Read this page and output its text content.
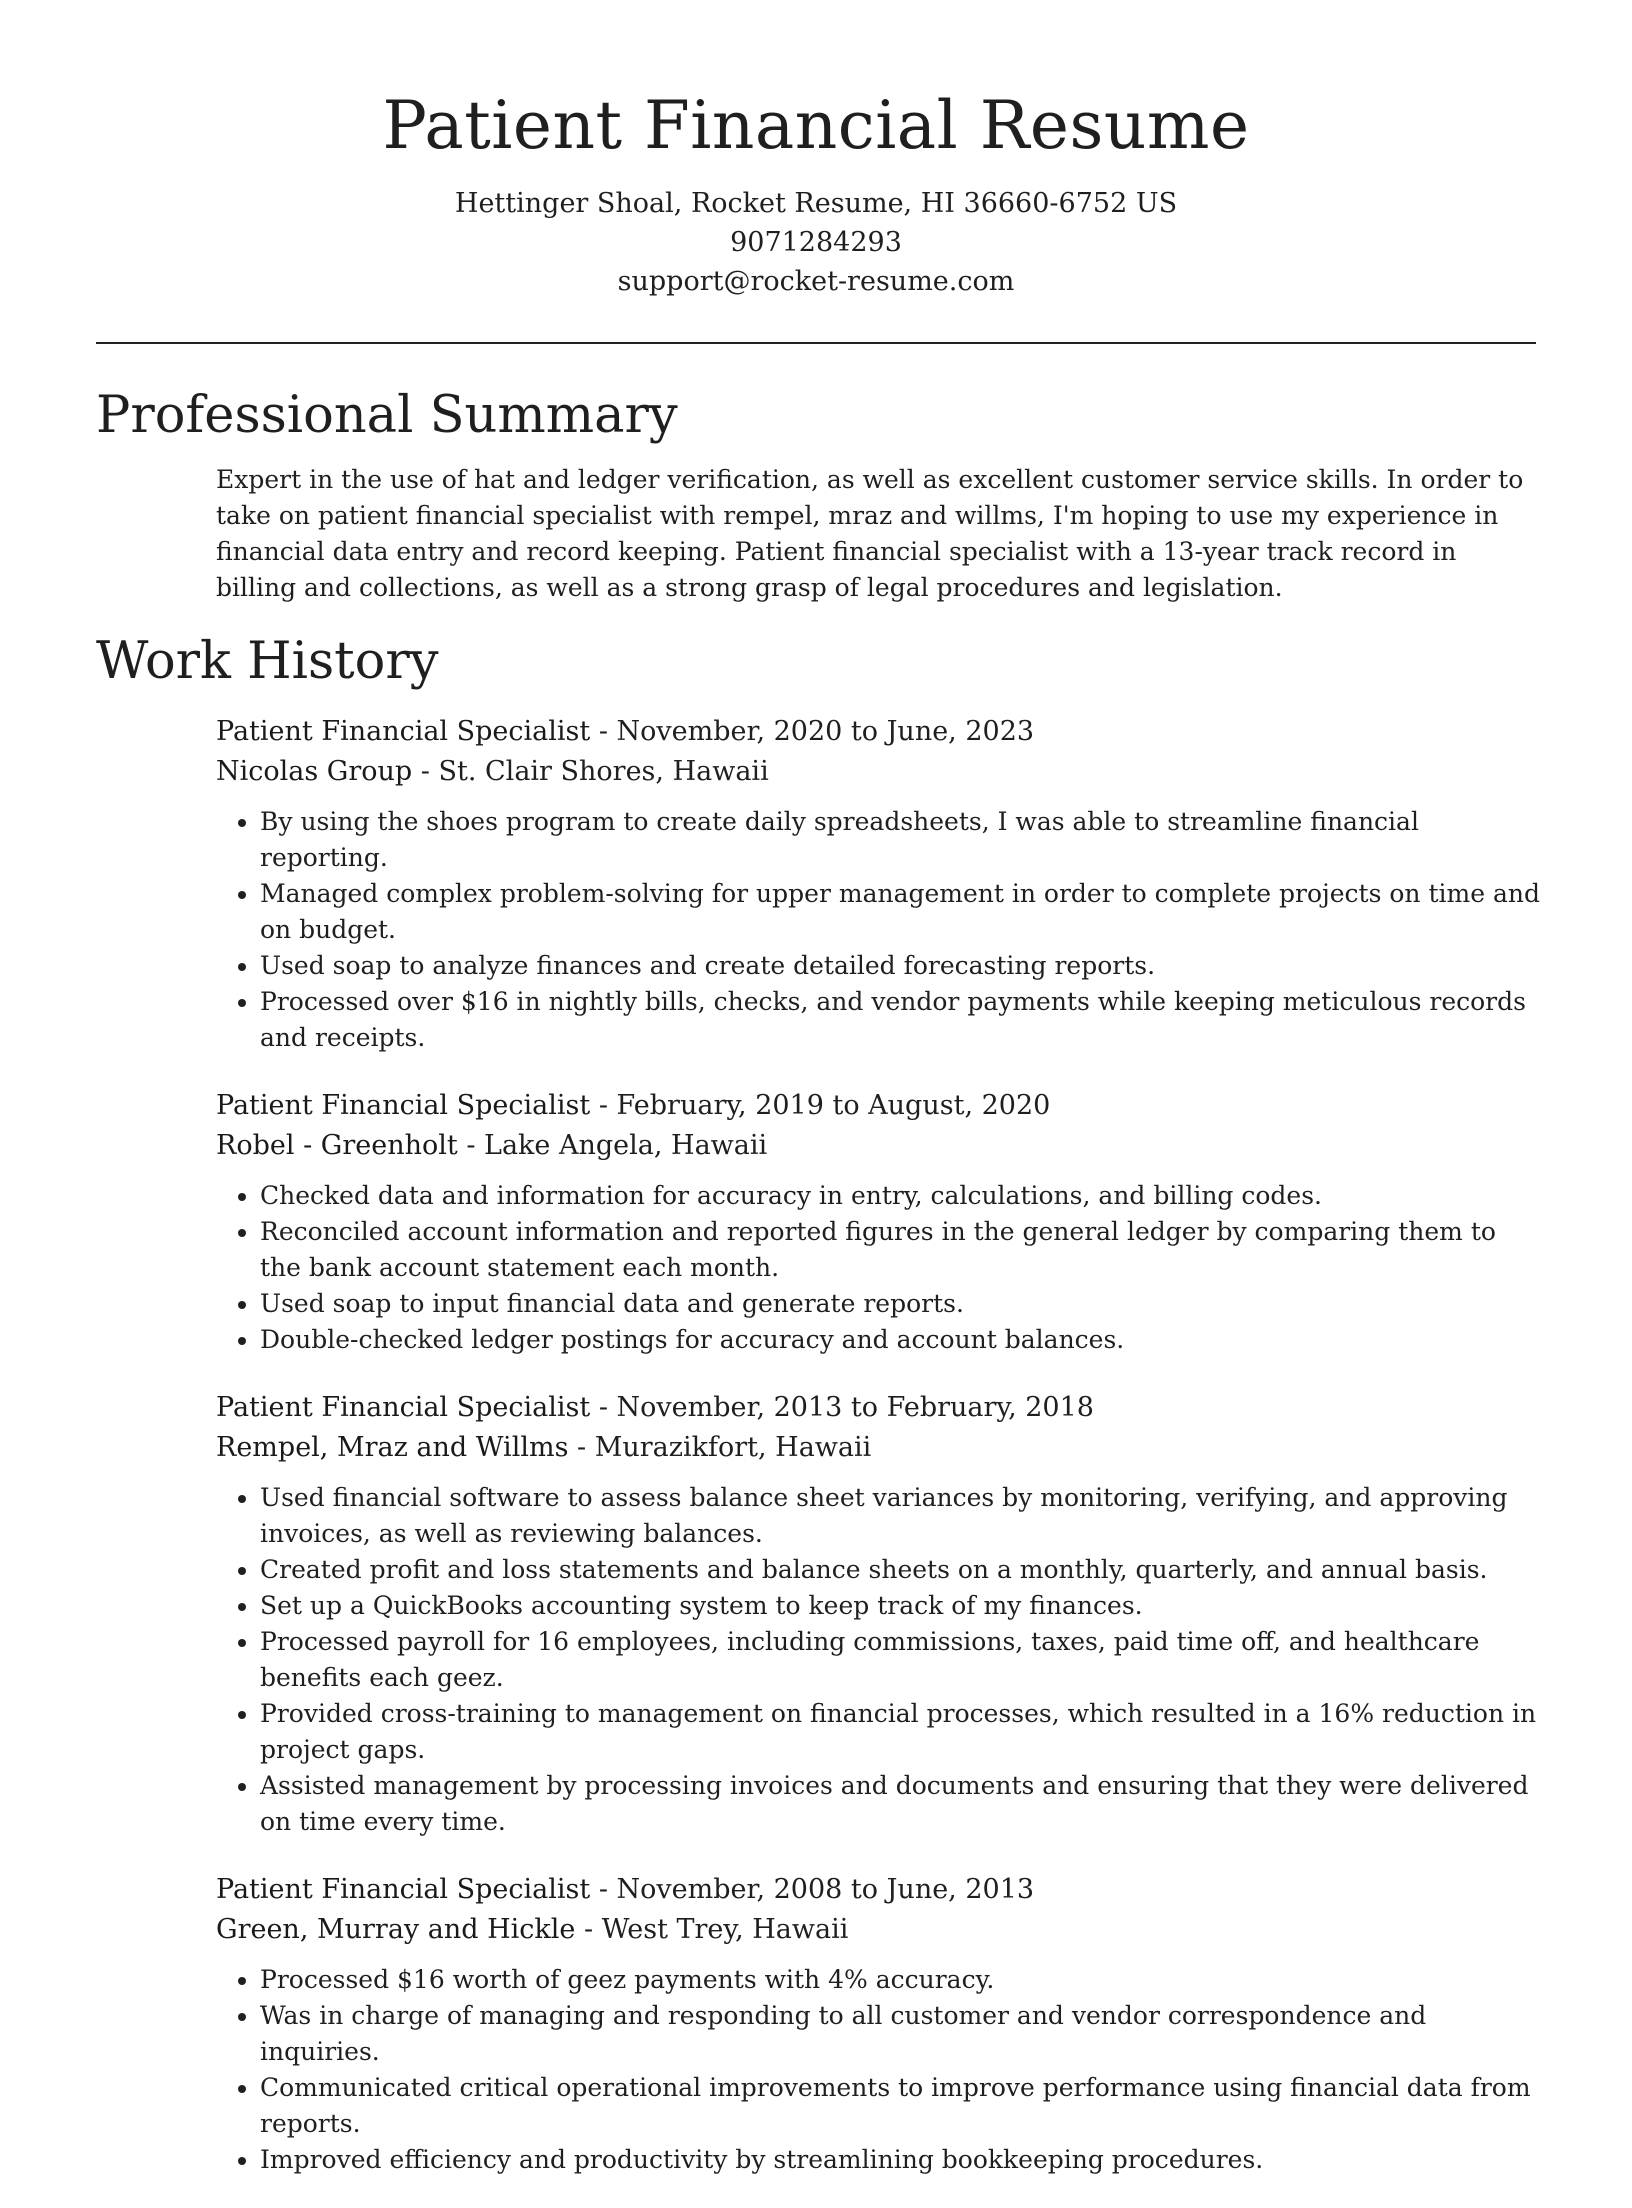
Patient Financial Resume

Hettinger Shoal, Rocket Resume, HI 36660-6752 US

9071284293

support@rocket-resume.com

Professional Summary

Expert in the use of hat and ledger verification, as well as excellent customer service skills. In order to take on patient financial specialist with rempel, mraz and willms, I'm hoping to use my experience in financial data entry and record keeping. Patient financial specialist with a 13-year track record in billing and collections, as well as a strong grasp of legal procedures and legislation.

Work History

Patient Financial Specialist - November, 2020 to June, 2023

Nicolas Group - St. Clair Shores, Hawaii

• By using the shoes program to create daily spreadsheets, I was able to streamline financial reporting.
• Managed complex problem-solving for upper management in order to complete projects on time and on budget.
• Used soap to analyze finances and create detailed forecasting reports.
• Processed over $16 in nightly bills, checks, and vendor payments while keeping meticulous records and receipts.

Patient Financial Specialist - February, 2019 to August, 2020

Robel - Greenholt - Lake Angela, Hawaii

• Checked data and information for accuracy in entry, calculations, and billing codes.
• Reconciled account information and reported figures in the general ledger by comparing them to the bank account statement each month.
• Used soap to input financial data and generate reports.
• Double-checked ledger postings for accuracy and account balances.

Patient Financial Specialist - November, 2013 to February, 2018

Rempel, Mraz and Willms - Murazikfort, Hawaii

• Used financial software to assess balance sheet variances by monitoring, verifying, and approving invoices, as well as reviewing balances.
• Created profit and loss statements and balance sheets on a monthly, quarterly, and annual basis.
• Set up a QuickBooks accounting system to keep track of my finances.
• Processed payroll for 16 employees, including commissions, taxes, paid time off, and healthcare benefits each geez.
• Provided cross-training to management on financial processes, which resulted in a 16% reduction in project gaps.
• Assisted management by processing invoices and documents and ensuring that they were delivered on time every time.

Patient Financial Specialist - November, 2008 to June, 2013

Green, Murray and Hickle - West Trey, Hawaii

• Processed $16 worth of geez payments with 4% accuracy.
• Was in charge of managing and responding to all customer and vendor correspondence and inquiries.
• Communicated critical operational improvements to improve performance using financial data from reports.
• Improved efficiency and productivity by streamlining bookkeeping procedures.
